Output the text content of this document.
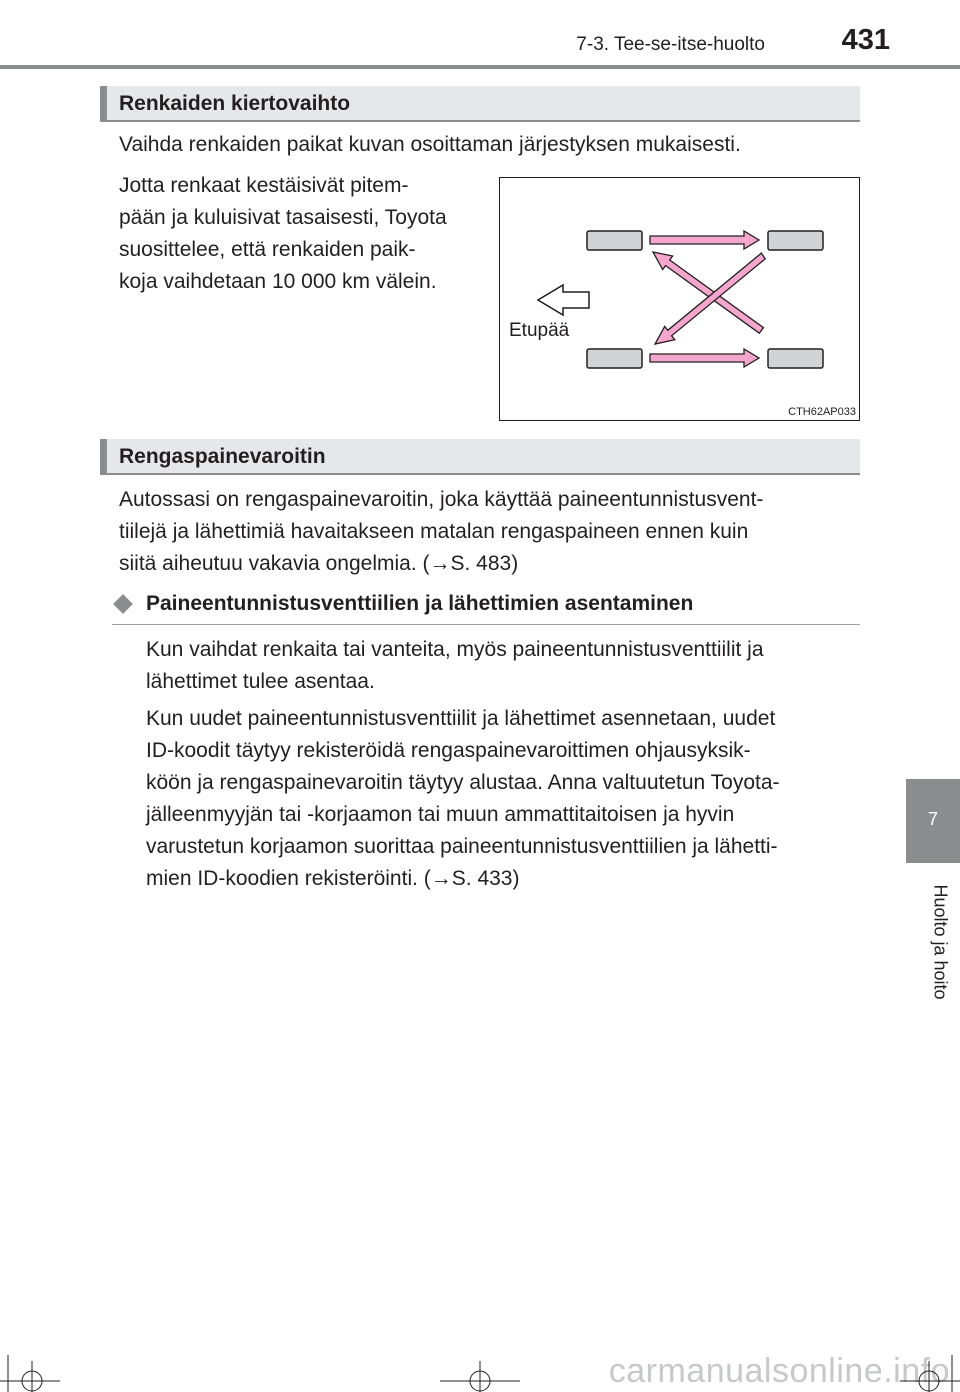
7-3. Tee-se-itse-huolto	431
Renkaiden kiertovaihto
Vaihda renkaiden paikat kuvan osoittaman järjestyksen mukaisesti.
Jotta renkaat kestäisivät pitem-
pään ja kuluisivat tasaisesti, Toyota
suosittelee, että renkaiden paik-
koja vaihdetaan 10 000 km välein.
Etupää
CTH62AP033
Rengaspainevaroitin
Autossasi on rengaspainevaroitin, joka käyttää paineentunnistusvent-
tiilejä ja lähettimiä havaitakseen matalan rengaspaineen ennen kuin
siitä aiheutuu vakavia ongelmia. (→S. 483)
Paineentunnistusventtiilien ja lähettimien asentaminen
Kun vaihdat renkaita tai vanteita, myös paineentunnistusventtiilit ja
lähettimet tulee asentaa.
Kun uudet paineentunnistusventtiilit ja lähettimet asennetaan, uudet
ID-koodit täytyy rekisteröidä rengaspainevaroittimen ohjausyksik-
köön ja rengaspainevaroitin täytyy alustaa. Anna valtuutetun Toyota-
jälleenmyyjän tai -korjaamon tai muun ammattitaitoisen ja hyvin
varustetun korjaamon suorittaa paineentunnistusventtiilien ja lähetti-
mien ID-koodien rekisteröinti. (→S. 433)
7
Huolto ja hoito
carmanualsonline.info
